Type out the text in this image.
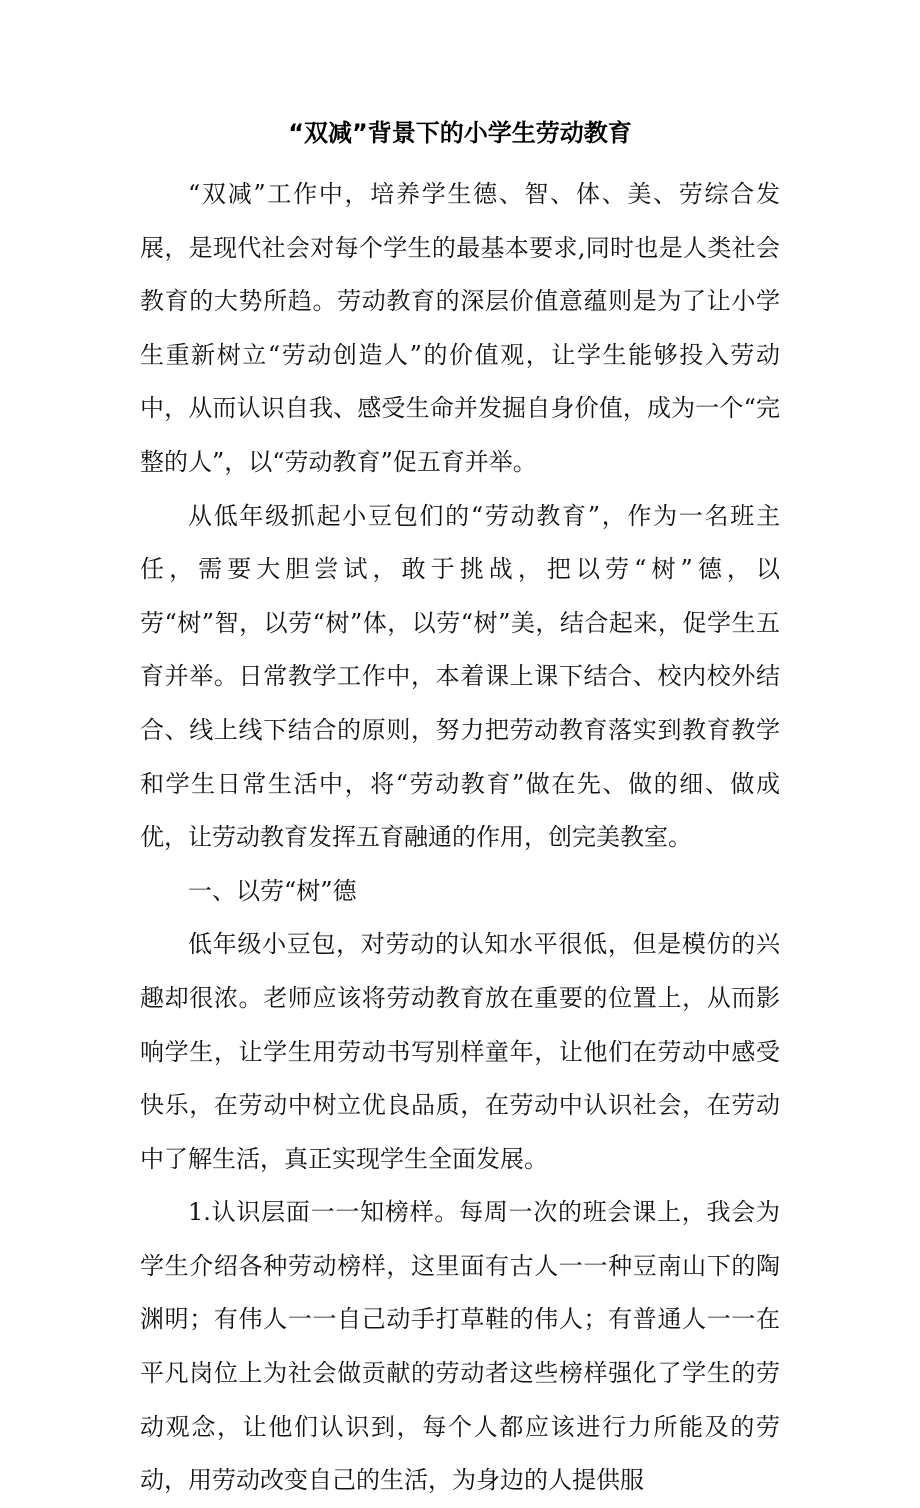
“双减”背景下的小学生劳动教育

“双减”工作中，培养学生德、智、体、美、劳综合发展，是现代社会对每个学生的最基本要求,同时也是人类社会教育的大势所趋。劳动教育的深层价值意蕴则是为了让小学生重新树立“劳动创造人”的价值观，让学生能够投入劳动中，从而认识自我、感受生命并发掘自身价值，成为一个“完整的人”，以“劳动教育”促五育并举。

从低年级抓起小豆包们的“劳动教育”，作为一名班主任，需要大胆尝试，敢于挑战，把以劳“树”德，以劳“树”智，以劳“树”体，以劳“树”美，结合起来，促学生五育并举。日常教学工作中，本着课上课下结合、校内校外结合、线上线下结合的原则，努力把劳动教育落实到教育教学和学生日常生活中，将“劳动教育”做在先、做的细、做成优，让劳动教育发挥五育融通的作用，创完美教室。

一、以劳“树”德

低年级小豆包，对劳动的认知水平很低，但是模仿的兴趣却很浓。老师应该将劳动教育放在重要的位置上，从而影响学生，让学生用劳动书写别样童年，让他们在劳动中感受快乐，在劳动中树立优良品质，在劳动中认识社会，在劳动中了解生活，真正实现学生全面发展。

1.认识层面一一知榜样。每周一次的班会课上，我会为学生介绍各种劳动榜样，这里面有古人一一种豆南山下的陶渊明；有伟人一一自己动手打草鞋的伟人；有普通人一一在平凡岗位上为社会做贡献的劳动者这些榜样强化了学生的劳动观念，让他们认识到，每个人都应该进行力所能及的劳动，用劳动改变自己的生活，为身边的人提供服
